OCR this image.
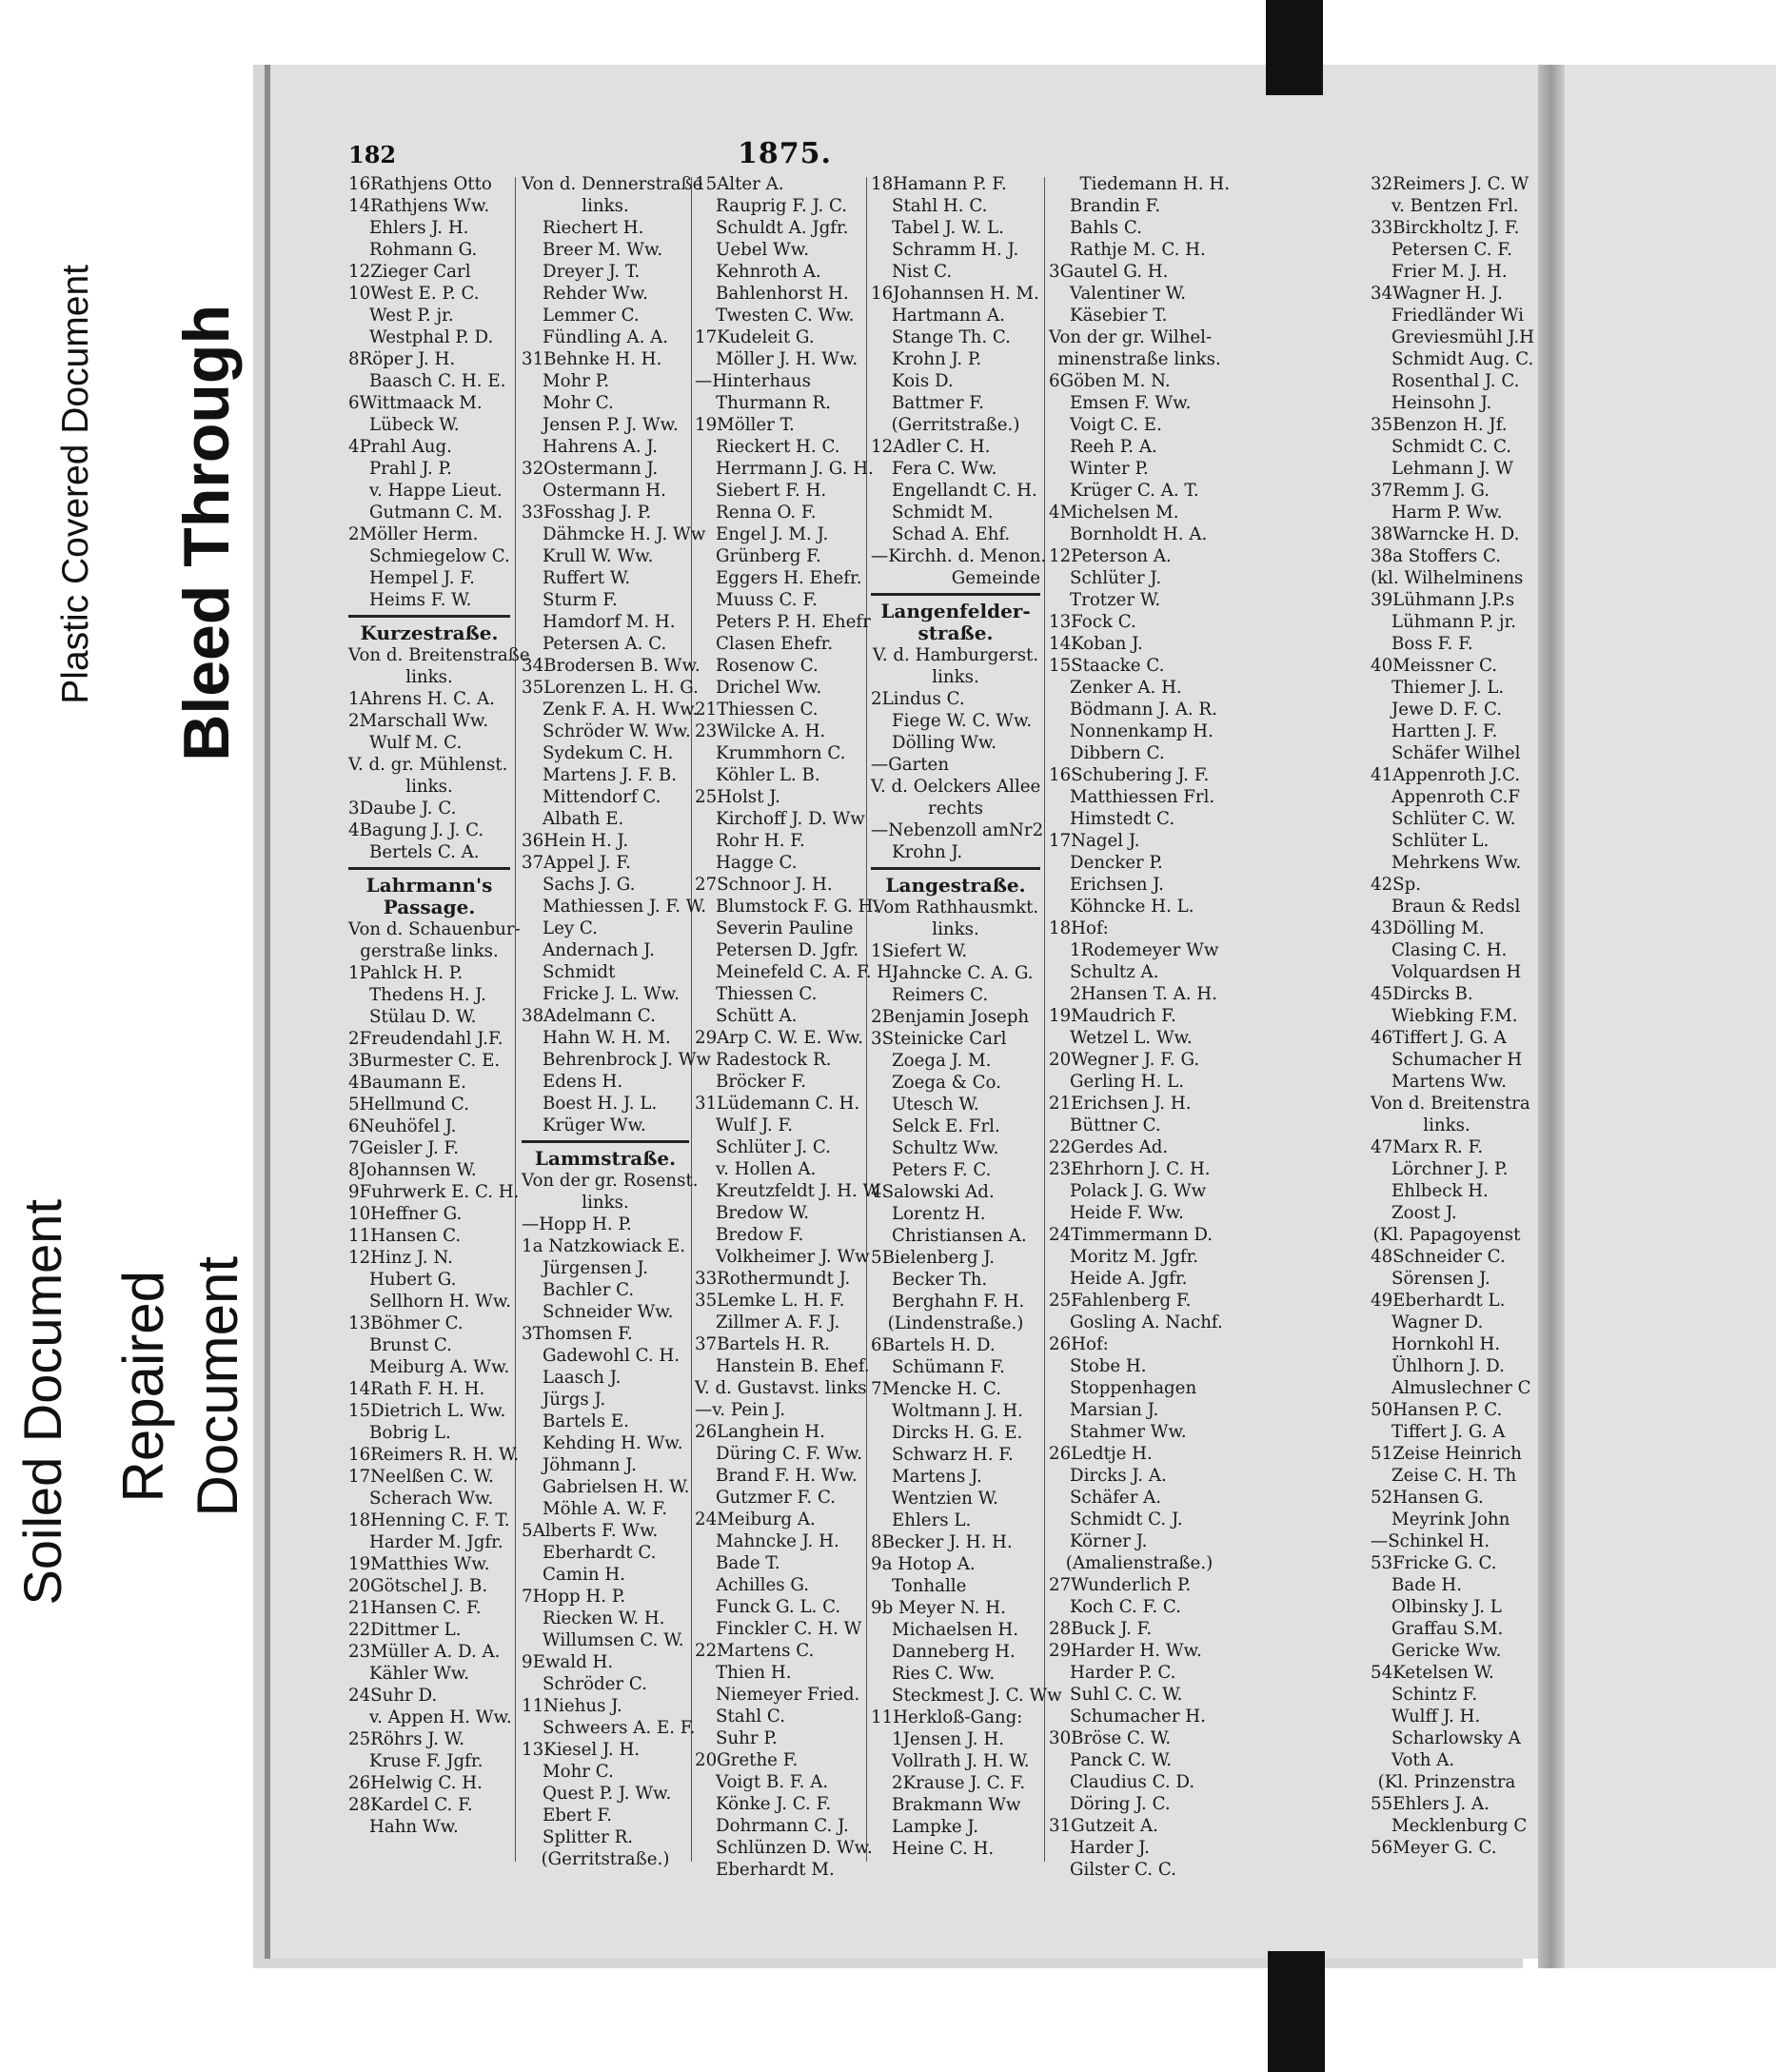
Plastic Covered Document Bleed Through
Soiled Document Repaired Document
182	1875.
16Rathjens Otto
14Rathjens Ww.
Ehlers J. H.
Rohmann G.
12Zieger Carl
10West E. P. C.
West P. jr.
Westphal P. D.
8Röper J. H.
Baasch C. H. E.
6Wittmaack M.
Lübeck W.
4Prahl Aug.
Prahl J. P.
v. Happe Lieut.
Gutmann C. M.
2Möller Herm.
Schmiegelow C.
Hempel J. F.
Heims F. W.
Kurzestraße.
Von d. Breitenstraße
links.
1Ahrens H. C. A.
2Marschall Ww.
Wulf M. C.
V. d. gr. Mühlenst.
links.
3Daube J. C.
4Bagung J. J. C.
Bertels C. A.
Lahrmann's
Passage.
Von d. Schauenbur-
gerstraße links.
1Pahlck H. P.
Thedens H. J.
Stülau D. W.
2Freudendahl J.F.
3Burmester C. E.
4Baumann E.
5Hellmund C.
6Neuhöfel J.
7Geisler J. F.
8Johannsen W.
9Fuhrwerk E. C. H.
10Heffner G.
11Hansen C.
12Hinz J. N.
Hubert G.
Sellhorn H. Ww.
13Böhmer C.
Brunst C.
Meiburg A. Ww.
14Rath F. H. H.
15Dietrich L. Ww.
Bobrig L.
16Reimers R. H. W.
17Neelßen C. W.
Scherach Ww.
18Henning C. F. T.
Harder M. Jgfr.
19Matthies Ww.
20Götschel J. B.
21Hansen C. F.
22Dittmer L.
23Müller A. D. A.
Kähler Ww.
24Suhr D.
v. Appen H. Ww.
25Röhrs J. W.
Kruse F. Jgfr.
26Helwig C. H.
28Kardel C. F.
Hahn Ww.
Von d. Dennerstraße
links.
Riechert H.
Breer M. Ww.
Dreyer J. T.
Rehder Ww.
Lemmer C.
Fündling A. A.
31Behnke H. H.
Mohr P.
Mohr C.
Jensen P. J. Ww.
Hahrens A. J.
32Ostermann J.
Ostermann H.
33Fosshag J. P.
Dähmcke H. J. Ww
Krull W. Ww.
Ruffert W.
Sturm F.
Hamdorf M. H.
Petersen A. C.
34Brodersen B. Ww.
35Lorenzen L. H. G.
Zenk F. A. H. Ww.
Schröder W. Ww.
Sydekum C. H.
Martens J. F. B.
Mittendorf C.
Albath E.
36Hein H. J.
37Appel J. F.
Sachs J. G.
Mathiessen J. F. W.
Ley C.
Andernach J.
Schmidt
Fricke J. L. Ww.
38Adelmann C.
Hahn W. H. M.
Behrenbrock J. Ww
Edens H.
Boest H. J. L.
Krüger Ww.
Lammstraße.
Von der gr. Rosenst.
links.
—Hopp H. P.
1a Natzkowiack E.
Jürgensen J.
Bachler C.
Schneider Ww.
3Thomsen F.
Gadewohl C. H.
Laasch J.
Jürgs J.
Bartels E.
Kehding H. Ww.
Jöhmann J.
Gabrielsen H. W.
Möhle A. W. F.
5Alberts F. Ww.
Eberhardt C.
Camin H.
7Hopp H. P.
Riecken W. H.
Willumsen C. W.
9Ewald H.
Schröder C.
11Niehus J.
Schweers A. E. F.
13Kiesel J. H.
Mohr C.
Quest P. J. Ww.
Ebert F.
Splitter R.
(Gerritstraße.)
15Alter A.
Rauprig F. J. C.
Schuldt A. Jgfr.
Uebel Ww.
Kehnroth A.
Bahlenhorst H.
Twesten C. Ww.
17Kudeleit G.
Möller J. H. Ww.
—Hinterhaus
Thurmann R.
19Möller T.
Rieckert H. C.
Herrmann J. G. H.
Siebert F. H.
Renna O. F.
Engel J. M. J.
Grünberg F.
Eggers H. Ehefr.
Muuss C. F.
Peters P. H. Ehefr
Clasen Ehefr.
Rosenow C.
Drichel Ww.
21Thiessen C.
23Wilcke A. H.
Krummhorn C.
Köhler L. B.
25Holst J.
Kirchoff J. D. Ww
Rohr H. F.
Hagge C.
27Schnoor J. H.
Blumstock F. G. H.
Severin Pauline
Petersen D. Jgfr.
Meinefeld C. A. F. H.
Thiessen C.
Schütt A.
29Arp C. W. E. Ww.
Radestock R.
Bröcker F.
31Lüdemann C. H.
Wulf J. F.
Schlüter J. C.
v. Hollen A.
Kreutzfeldt J. H. W
Bredow W.
Bredow F.
Volkheimer J. Ww
33Rothermundt J.
35Lemke L. H. F.
Zillmer A. F. J.
37Bartels H. R.
Hanstein B. Ehef.
V. d. Gustavst. links
—v. Pein J.
26Langhein H.
Düring C. F. Ww.
Brand F. H. Ww.
Gutzmer F. C.
24Meiburg A.
Mahncke J. H.
Bade T.
Achilles G.
Funck G. L. C.
Finckler C. H. W
22Martens C.
Thien H.
Niemeyer Fried.
Stahl C.
Suhr P.
20Grethe F.
Voigt B. F. A.
Könke J. C. F.
Dohrmann C. J.
Schlünzen D. Ww.
Eberhardt M.
18Hamann P. F.
Stahl H. C.
Tabel J. W. L.
Schramm H. J.
Nist C.
16Johannsen H. M.
Hartmann A.
Stange Th. C.
Krohn J. P.
Kois D.
Battmer F.
(Gerritstraße.)
12Adler C. H.
Fera C. Ww.
Engellandt C. H.
Schmidt M.
Schad A. Ehf.
—Kirchh. d. Menon.
Gemeinde
Langenfelder-
straße.
V. d. Hamburgerst.
links.
2Lindus C.
Fiege W. C. Ww.
Dölling Ww.
—Garten
V. d. Oelckers Allee
rechts
—Nebenzoll amNr2
Krohn J.
Langestraße.
Vom Rathhausmkt.
links.
1Siefert W.
Jahncke C. A. G.
Reimers C.
2Benjamin Joseph
3Steinicke Carl
Zoega J. M.
Zoega & Co.
Utesch W.
Selck E. Frl.
Schultz Ww.
Peters F. C.
4Salowski Ad.
Lorentz H.
Christiansen A.
5Bielenberg J.
Becker Th.
Berghahn F. H.
(Lindenstraße.)
6Bartels H. D.
Schümann F.
7Mencke H. C.
Woltmann J. H.
Dircks H. G. E.
Schwarz H. F.
Martens J.
Wentzien W.
Ehlers L.
8Becker J. H. H.
9a Hotop A.
Tonhalle
9b Meyer N. H.
Michaelsen H.
Danneberg H.
Ries C. Ww.
Steckmest J. C. Ww
11Herkloß-Gang:
1Jensen J. H.
Vollrath J. H. W.
2Krause J. C. F.
Brakmann Ww
Lampke J.
Heine C. H.
Tiedemann H. H.
Brandin F.
Bahls C.
Rathje M. C. H.
3Gautel G. H.
Valentiner W.
Käsebier T.
Von der gr. Wilhel-
minenstraße links.
6Göben M. N.
Emsen F. Ww.
Voigt C. E.
Reeh P. A.
Winter P.
Krüger C. A. T.
4Michelsen M.
Bornholdt H. A.
12Peterson A.
Schlüter J.
Trotzer W.
13Fock C.
14Koban J.
15Staacke C.
Zenker A. H.
Bödmann J. A. R.
Nonnenkamp H.
Dibbern C.
16Schubering J. F.
Matthiessen Frl.
Himstedt C.
17Nagel J.
Dencker P.
Erichsen J.
Köhncke H. L.
18Hof:
1Rodemeyer Ww
Schultz A.
2Hansen T. A. H.
19Maudrich F.
Wetzel L. Ww.
20Wegner J. F. G.
Gerling H. L.
21Erichsen J. H.
Büttner C.
22Gerdes Ad.
23Ehrhorn J. C. H.
Polack J. G. Ww
Heide F. Ww.
24Timmermann D.
Moritz M. Jgfr.
Heide A. Jgfr.
25Fahlenberg F.
Gosling A. Nachf.
26Hof:
Stobe H.
Stoppenhagen
Marsian J.
Stahmer Ww.
26Ledtje H.
Dircks J. A.
Schäfer A.
Schmidt C. J.
Körner J.
(Amalienstraße.)
27Wunderlich P.
Koch C. F. C.
28Buck J. F.
29Harder H. Ww.
Harder P. C.
Suhl C. C. W.
Schumacher H.
30Bröse C. W.
Panck C. W.
Claudius C. D.
Döring J. C.
31Gutzeit A.
Harder J.
Gilster C. C.
32Reimers J. C. W
v. Bentzen Frl.
33Birckholtz J. F.
Petersen C. F.
Frier M. J. H.
34Wagner H. J.
Friedländer Wi
Greviesmühl J.H
Schmidt Aug. C.
Rosenthal J. C.
Heinsohn J.
35Benzon H. Jf.
Schmidt C. C.
Lehmann J. W
37Remm J. G.
Harm P. Ww.
38Warncke H. D.
38a Stoffers C.
(kl. Wilhelminens
39Lühmann J.P.s
Lühmann P. jr.
Boss F. F.
40Meissner C.
Thiemer J. L.
Jewe D. F. C.
Hartten J. F.
Schäfer Wilhel
41Appenroth J.C.
Appenroth C.F
Schlüter C. W.
Schlüter L.
Mehrkens Ww.
42Sp.
Braun & Redsl
43Dölling M.
Clasing C. H.
Volquardsen H
45Dircks B.
Wiebking F.M.
46Tiffert J. G. A
Schumacher H
Martens Ww.
Von d. Breitenstra
links.
47Marx R. F.
Lörchner J. P.
Ehlbeck H.
Zoost J.
(Kl. Papagoyenst
48Schneider C.
Sörensen J.
49Eberhardt L.
Wagner D.
Hornkohl H.
Ühlhorn J. D.
Almuslechner C
50Hansen P. C.
Tiffert J. G. A
51Zeise Heinrich
Zeise C. H. Th
52Hansen G.
Meyrink John
—Schinkel H.
53Fricke G. C.
Bade H.
Olbinsky J. L
Graffau S.M.
Gericke Ww.
54Ketelsen W.
Schintz F.
Wulff J. H.
Scharlowsky A
Voth A.
(Kl. Prinzenstra
55Ehlers J. A.
Mecklenburg C
56Meyer G. C.
